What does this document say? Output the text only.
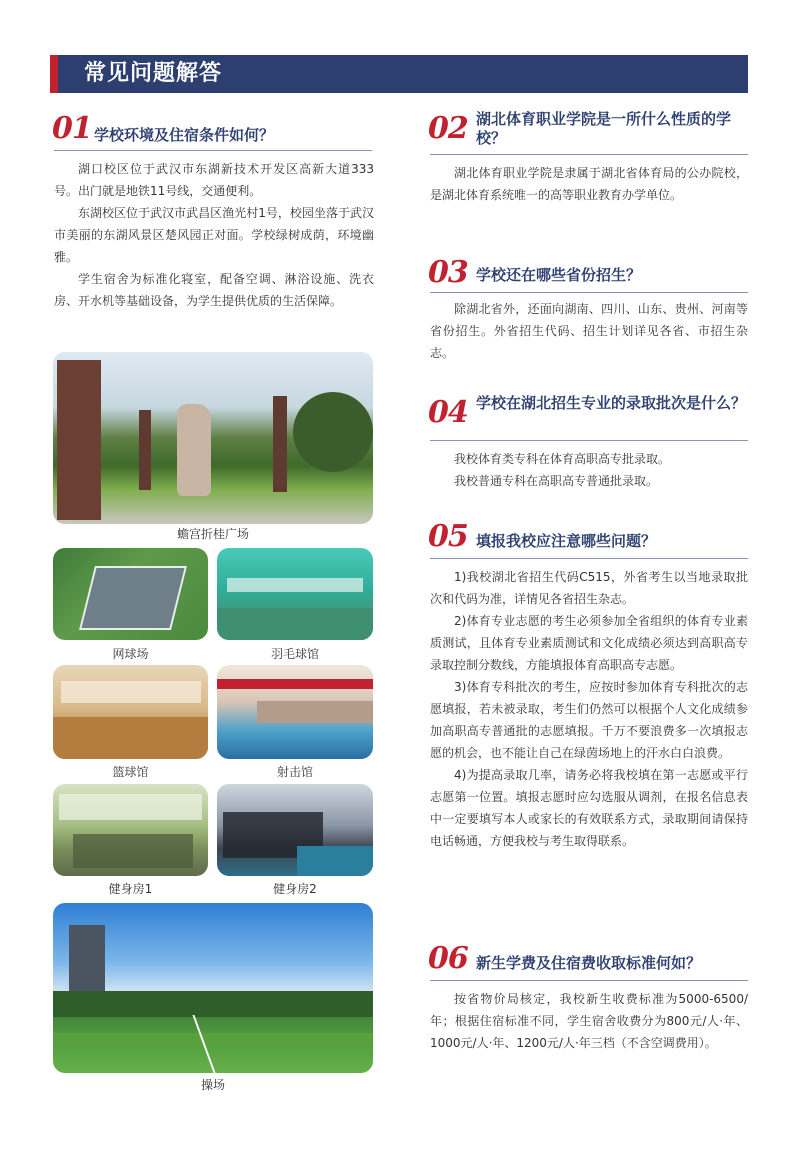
常见问题解答
01 学校环境及住宿条件如何？

湖口校区位于武汉市东湖新技术开发区高新大道333号。出门就是地铁11号线，交通便利。

东湖校区位于武汉市武昌区渔光村1号，校园坐落于武汉市美丽的东湖风景区楚风园正对面。学校绿树成荫，环境幽雅。

学生宿舍为标准化寝室，配备空调、淋浴设施、洗衣房、开水机等基础设备，为学生提供优质的生活保障。

02 湖北体育职业学院是一所什么性质的学校？

湖北体育职业学院是隶属于湖北省体育局的公办院校，是湖北体育系统唯一的高等职业教育办学单位。

03 学校还在哪些省份招生？

除湖北省外，还面向湖南、四川、山东、贵州、河南等省份招生。外省招生代码、招生计划详见各省、市招生杂志。

04 学校在湖北招生专业的录取批次是什么？

我校体育类专科在体育高职高专批录取。

我校普通专科在高职高专普通批录取。

05 填报我校应注意哪些问题？

1)我校湖北省招生代码C515，外省考生以当地录取批次和代码为准，详情见各省招生杂志。

2)体育专业志愿的考生必须参加全省组织的体育专业素质测试，且体育专业素质测试和文化成绩必须达到高职高专录取控制分数线，方能填报体育高职高专志愿。

3)体育专科批次的考生，应按时参加体育专科批次的志愿填报，若未被录取，考生们仍然可以根据个人文化成绩参加高职高专普通批的志愿填报。千万不要浪费多一次填报志愿的机会，也不能让自己在绿茵场地上的汗水白白浪费。

4)为提高录取几率，请务必将我校填在第一志愿或平行志愿第一位置。填报志愿时应勾选服从调剂，在报名信息表中一定要填写本人或家长的有效联系方式，录取期间请保持电话畅通，方便我校与考生取得联系。

06 新生学费及住宿费收取标准何如？

按省物价局核定，我校新生收费标准为5000-6500/年；根据住宿标准不同，学生宿舍收费分为800元/人·年、1000元/人·年、1200元/人·年三档（不含空调费用）。

蟾宫折桂广场
网球场	羽毛球馆
篮球馆	射击馆
健身房1	健身房2
操场
